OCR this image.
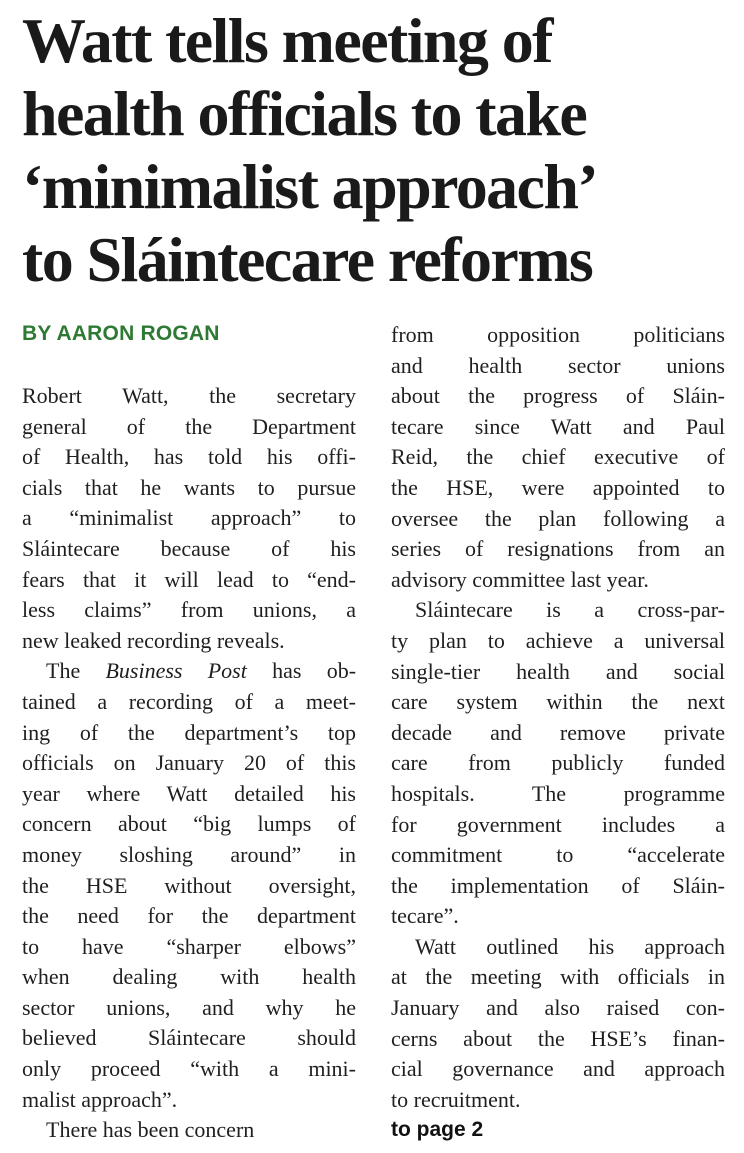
Watt tells meeting of
health officials to take
‘minimalist approach’
to Sláintecare reforms
BY AARON ROGAN

Robert Watt, the secretary
general of the Department
of Health, has told his offi-
cials that he wants to pursue
a “minimalist approach” to
Sláintecare because of his
fears that it will lead to “end-
less claims” from unions, a
new leaked recording reveals.

The Business Post has ob-
tained a recording of a meet-
ing of the department’s top
officials on January 20 of this
year where Watt detailed his
concern about “big lumps of
money sloshing around” in
the HSE without oversight,
the need for the department
to have “sharper elbows”
when dealing with health
sector unions, and why he
believed Sláintecare should
only proceed “with a mini-
malist approach”.

There has been concern

from opposition politicians
and health sector unions
about the progress of Sláin-
tecare since Watt and Paul
Reid, the chief executive of
the HSE, were appointed to
oversee the plan following a
series of resignations from an
advisory committee last year.

Sláintecare is a cross-par-
ty plan to achieve a universal
single-tier health and social
care system within the next
decade and remove private
care from publicly funded
hospitals. The programme
for government includes a
commitment to “accelerate
the implementation of Sláin-
tecare”.

Watt outlined his approach
at the meeting with officials in
January and also raised con-
cerns about the HSE’s finan-
cial governance and approach
to recruitment.

to page 2
